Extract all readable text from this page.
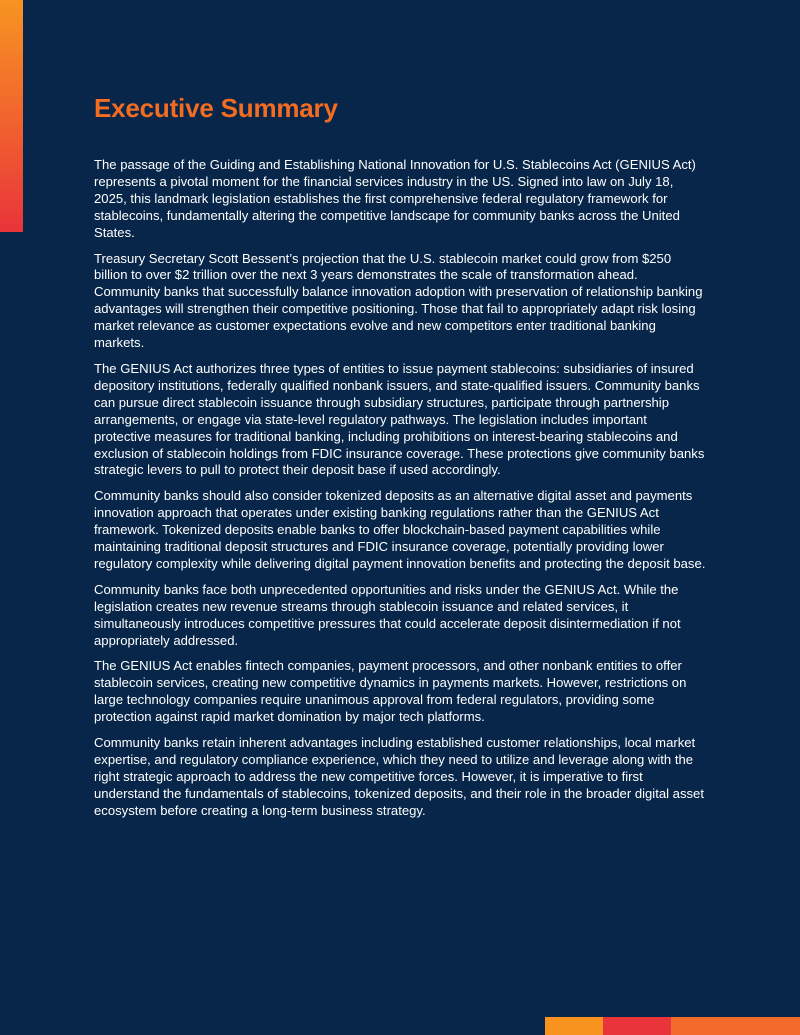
Executive Summary

The passage of the Guiding and Establishing National Innovation for U.S. Stablecoins Act (GENIUS Act) represents a pivotal moment for the financial services industry in the US. Signed into law on July 18, 2025, this landmark legislation establishes the first comprehensive federal regulatory framework for stablecoins, fundamentally altering the competitive landscape for community banks across the United States.

Treasury Secretary Scott Bessent’s projection that the U.S. stablecoin market could grow from $250 billion to over $2 trillion over the next 3 years demonstrates the scale of transformation ahead. Community banks that successfully balance innovation adoption with preservation of relationship banking advantages will strengthen their competitive positioning. Those that fail to appropriately adapt risk losing market relevance as customer expectations evolve and new competitors enter traditional banking markets.

The GENIUS Act authorizes three types of entities to issue payment stablecoins: subsidiaries of insured depository institutions, federally qualified nonbank issuers, and state-qualified issuers. Community banks can pursue direct stablecoin issuance through subsidiary structures, participate through partnership arrangements, or engage via state-level regulatory pathways. The legislation includes important protective measures for traditional banking, including prohibitions on interest-bearing stablecoins and exclusion of stablecoin holdings from FDIC insurance coverage. These protections give community banks strategic levers to pull to protect their deposit base if used accordingly.

Community banks should also consider tokenized deposits as an alternative digital asset and payments innovation approach that operates under existing banking regulations rather than the GENIUS Act framework. Tokenized deposits enable banks to offer blockchain-based payment capabilities while maintaining traditional deposit structures and FDIC insurance coverage, potentially providing lower regulatory complexity while delivering digital payment innovation benefits and protecting the deposit base.

Community banks face both unprecedented opportunities and risks under the GENIUS Act. While the legislation creates new revenue streams through stablecoin issuance and related services, it simultaneously introduces competitive pressures that could accelerate deposit disintermediation if not appropriately addressed.

The GENIUS Act enables fintech companies, payment processors, and other nonbank entities to offer stablecoin services, creating new competitive dynamics in payments markets. However, restrictions on large technology companies require unanimous approval from federal regulators, providing some protection against rapid market domination by major tech platforms.

Community banks retain inherent advantages including established customer relationships, local market expertise, and regulatory compliance experience, which they need to utilize and leverage along with the right strategic approach to address the new competitive forces. However, it is imperative to first understand the fundamentals of stablecoins, tokenized deposits, and their role in the broader digital asset ecosystem before creating a long-term business strategy.
